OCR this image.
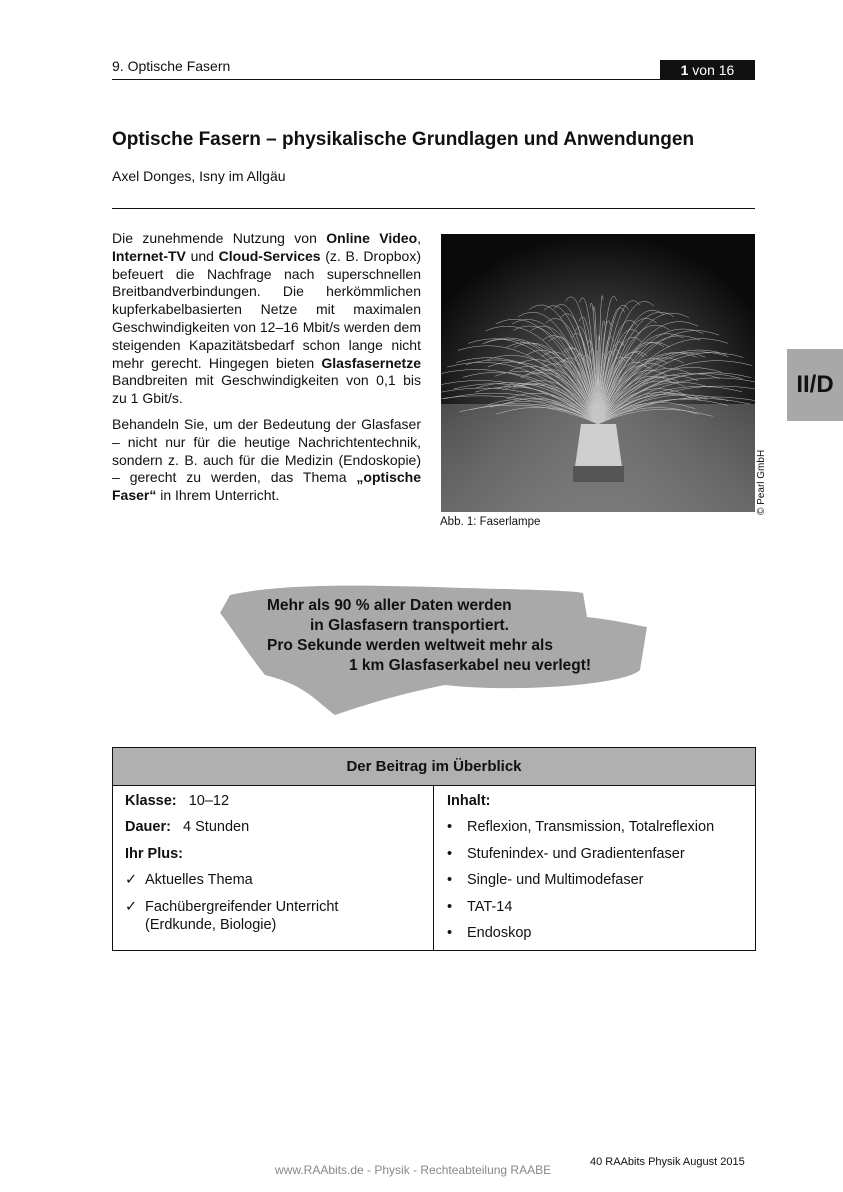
9. Optische Fasern	1 von 16
Optische Fasern – physikalische Grundlagen und Anwendungen
Axel Donges, Isny im Allgäu

Die zunehmende Nutzung von Online Video, Internet-TV und Cloud-Services (z. B. Dropbox) befeuert die Nachfrage nach superschnellen Breitbandverbindungen. Die herkömmlichen kupferkabelbasierten Netze mit maximalen Geschwindigkeiten von 12–16 Mbit/s werden dem steigenden Kapazitätsbedarf schon lange nicht mehr gerecht. Hingegen bieten Glasfasernetze Bandbreiten mit Geschwindigkeiten von 0,1 bis zu 1 Gbit/s.

Behandeln Sie, um der Bedeutung der Glasfaser – nicht nur für die heutige Nachrichtentechnik, sondern z. B. auch für die Medizin (Endoskopie) – gerecht zu werden, das Thema „optische Faser“ in Ihrem Unterricht.

Abb. 1: Faserlampe
© Pearl GmbH
II/D
Mehr als 90 % aller Daten werden
in Glasfasern transportiert.
Pro Sekunde werden weltweit mehr als
1 km Glasfaserkabel neu verlegt!
Der Beitrag im Überblick
Klasse: 10–12
Dauer: 4 Stunden
Ihr Plus:
✓ Aktuelles Thema
✓ Fachübergreifender Unterricht
(Erdkunde, Biologie)
Inhalt:
• Reflexion, Transmission, Totalreflexion
• Stufenindex- und Gradientenfaser
• Single- und Multimodefaser
• TAT-14
• Endoskop
40 RAAbits Physik August 2015
www.RAAbits.de - Physik - Rechteabteilung RAABE
